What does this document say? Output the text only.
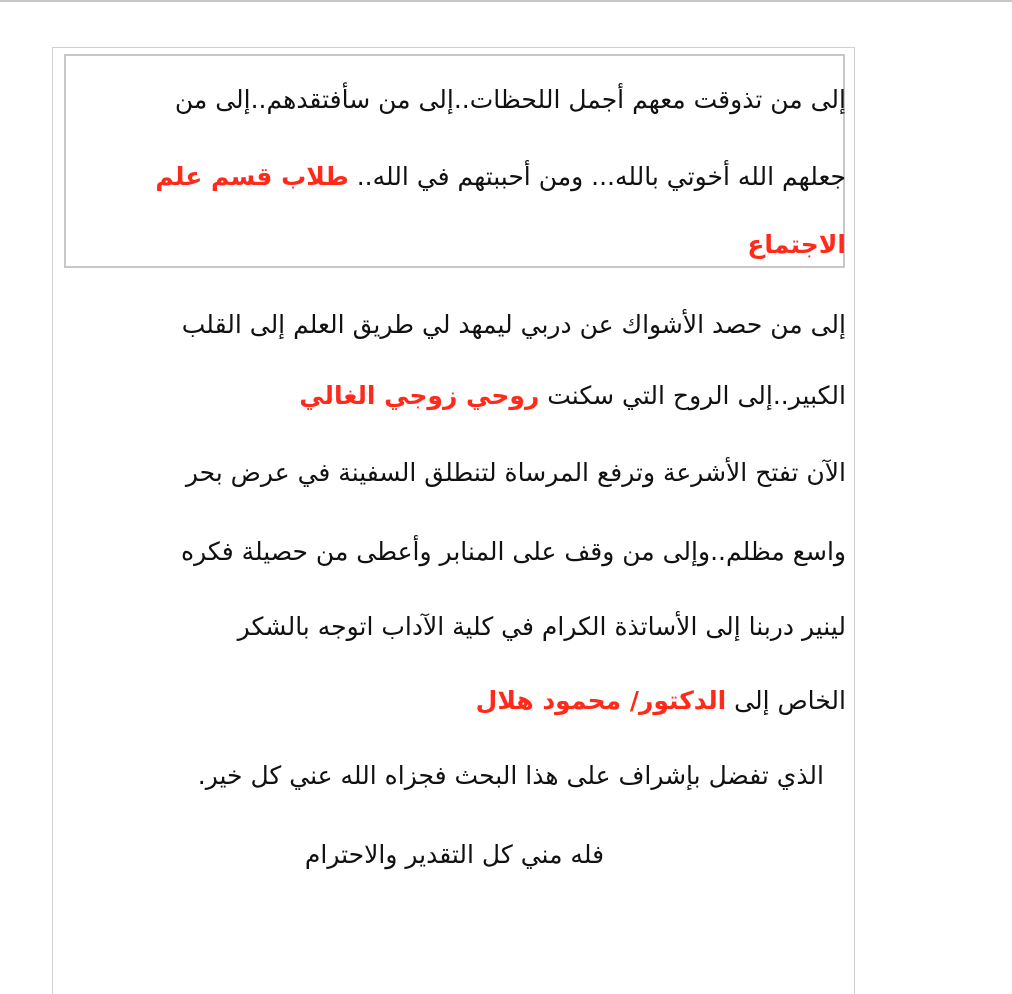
إلى من تذوقت معهم أجمل اللحظات..إلى من سأفتقدهم..إلى من
جعلهم الله أخوتي بالله... ومن أحببتهم في الله.. طلاب قسم علم
الاجتماع
إلى من حصد الأشواك عن دربي ليمهد لي طريق العلم إلى القلب
الكبير..إلى الروح التي سكنت روحي زوجي الغالي
الآن تفتح الأشرعة وترفع المرساة لتنطلق السفينة في عرض بحر
واسع مظلم..وإلى من وقف على المنابر وأعطى من حصيلة فكره
لينير دربنا إلى الأساتذة الكرام في كلية الآداب اتوجه بالشكر
الخاص إلى الدكتور/ محمود هلال
الذي تفضل بإشراف على هذا البحث فجزاه الله عني كل خير.
فله مني كل التقدير والاحترام
